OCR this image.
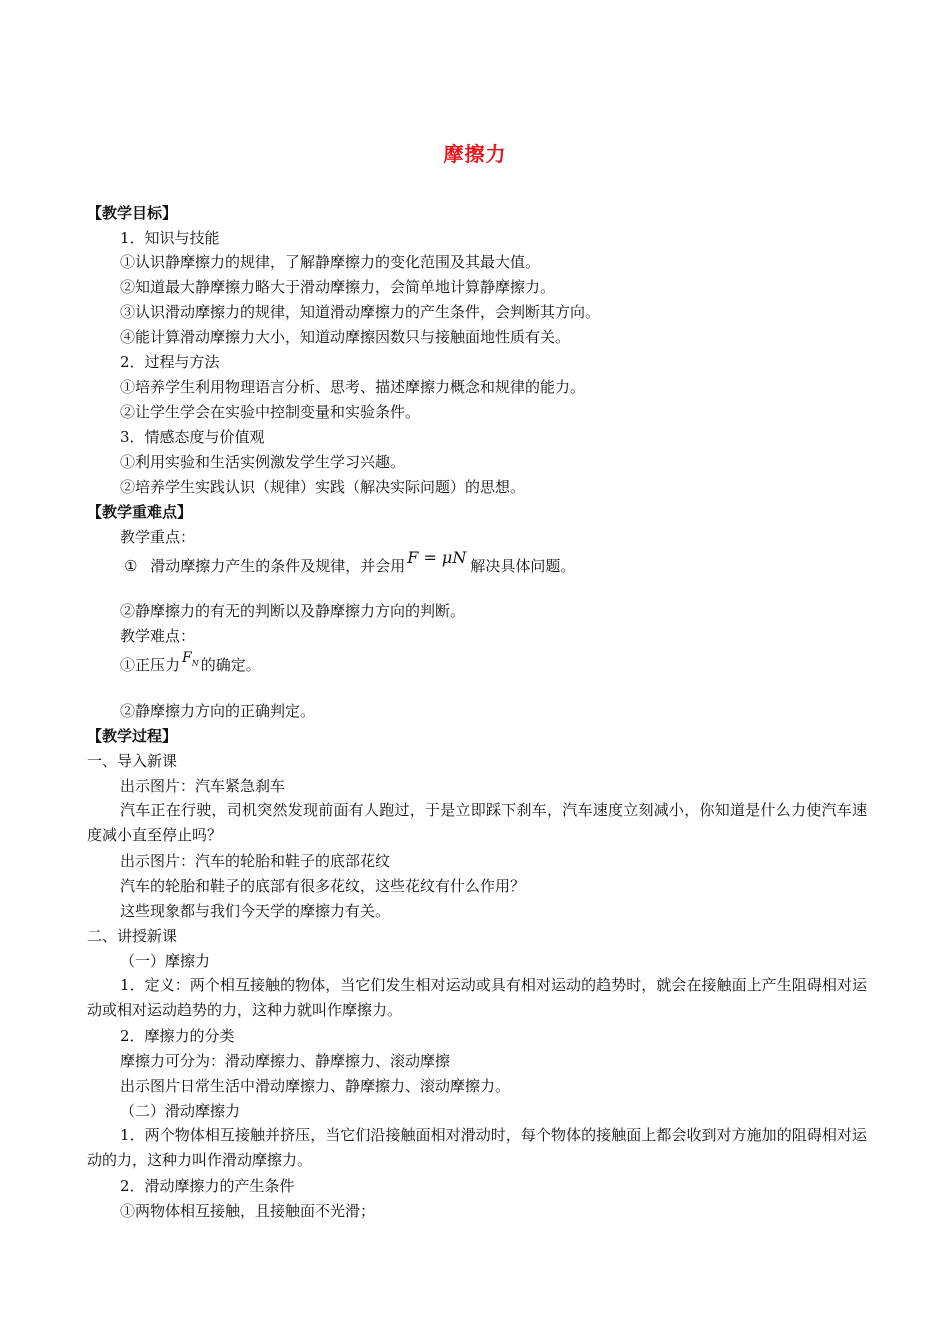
摩擦力
【教学目标】
1．知识与技能
①认识静摩擦力的规律，了解静摩擦力的变化范围及其最大值。
②知道最大静摩擦力略大于滑动摩擦力，会简单地计算静摩擦力。
③认识滑动摩擦力的规律，知道滑动摩擦力的产生条件，会判断其方向。
④能计算滑动摩擦力大小，知道动摩擦因数只与接触面地性质有关。
2．过程与方法
①培养学生利用物理语言分析、思考、描述摩擦力概念和规律的能力。
②让学生学会在实验中控制变量和实验条件。
3．情感态度与价值观
①利用实验和生活实例激发学生学习兴趣。
②培养学生实践认识（规律）实践（解决实际问题）的思想。
【教学重难点】
教学重点：
① 滑动摩擦力产生的条件及规律，并会用 F = μN 解决具体问题。
②静摩擦力的有无的判断以及静摩擦力方向的判断。
教学难点：
①正压力 $F_N$ 的确定。
②静摩擦力方向的正确判定。
【教学过程】
一、导入新课
出示图片：汽车紧急刹车
汽车正在行驶，司机突然发现前面有人跑过，于是立即踩下刹车，汽车速度立刻减小，你知道是什么力使汽车速度减小直至停止吗？
出示图片：汽车的轮胎和鞋子的底部花纹
汽车的轮胎和鞋子的底部有很多花纹，这些花纹有什么作用？
这些现象都与我们今天学的摩擦力有关。
二、讲授新课
（一）摩擦力
1．定义：两个相互接触的物体，当它们发生相对运动或具有相对运动的趋势时，就会在接触面上产生阻碍相对运动或相对运动趋势的力，这种力就叫作摩擦力。
2．摩擦力的分类
摩擦力可分为：滑动摩擦力、静摩擦力、滚动摩擦
出示图片日常生活中滑动摩擦力、静摩擦力、滚动摩擦力。
（二）滑动摩擦力
1．两个物体相互接触并挤压，当它们沿接触面相对滑动时，每个物体的接触面上都会收到对方施加的阻碍相对运动的力，这种力叫作滑动摩擦力。
2．滑动摩擦力的产生条件
①两物体相互接触，且接触面不光滑；
